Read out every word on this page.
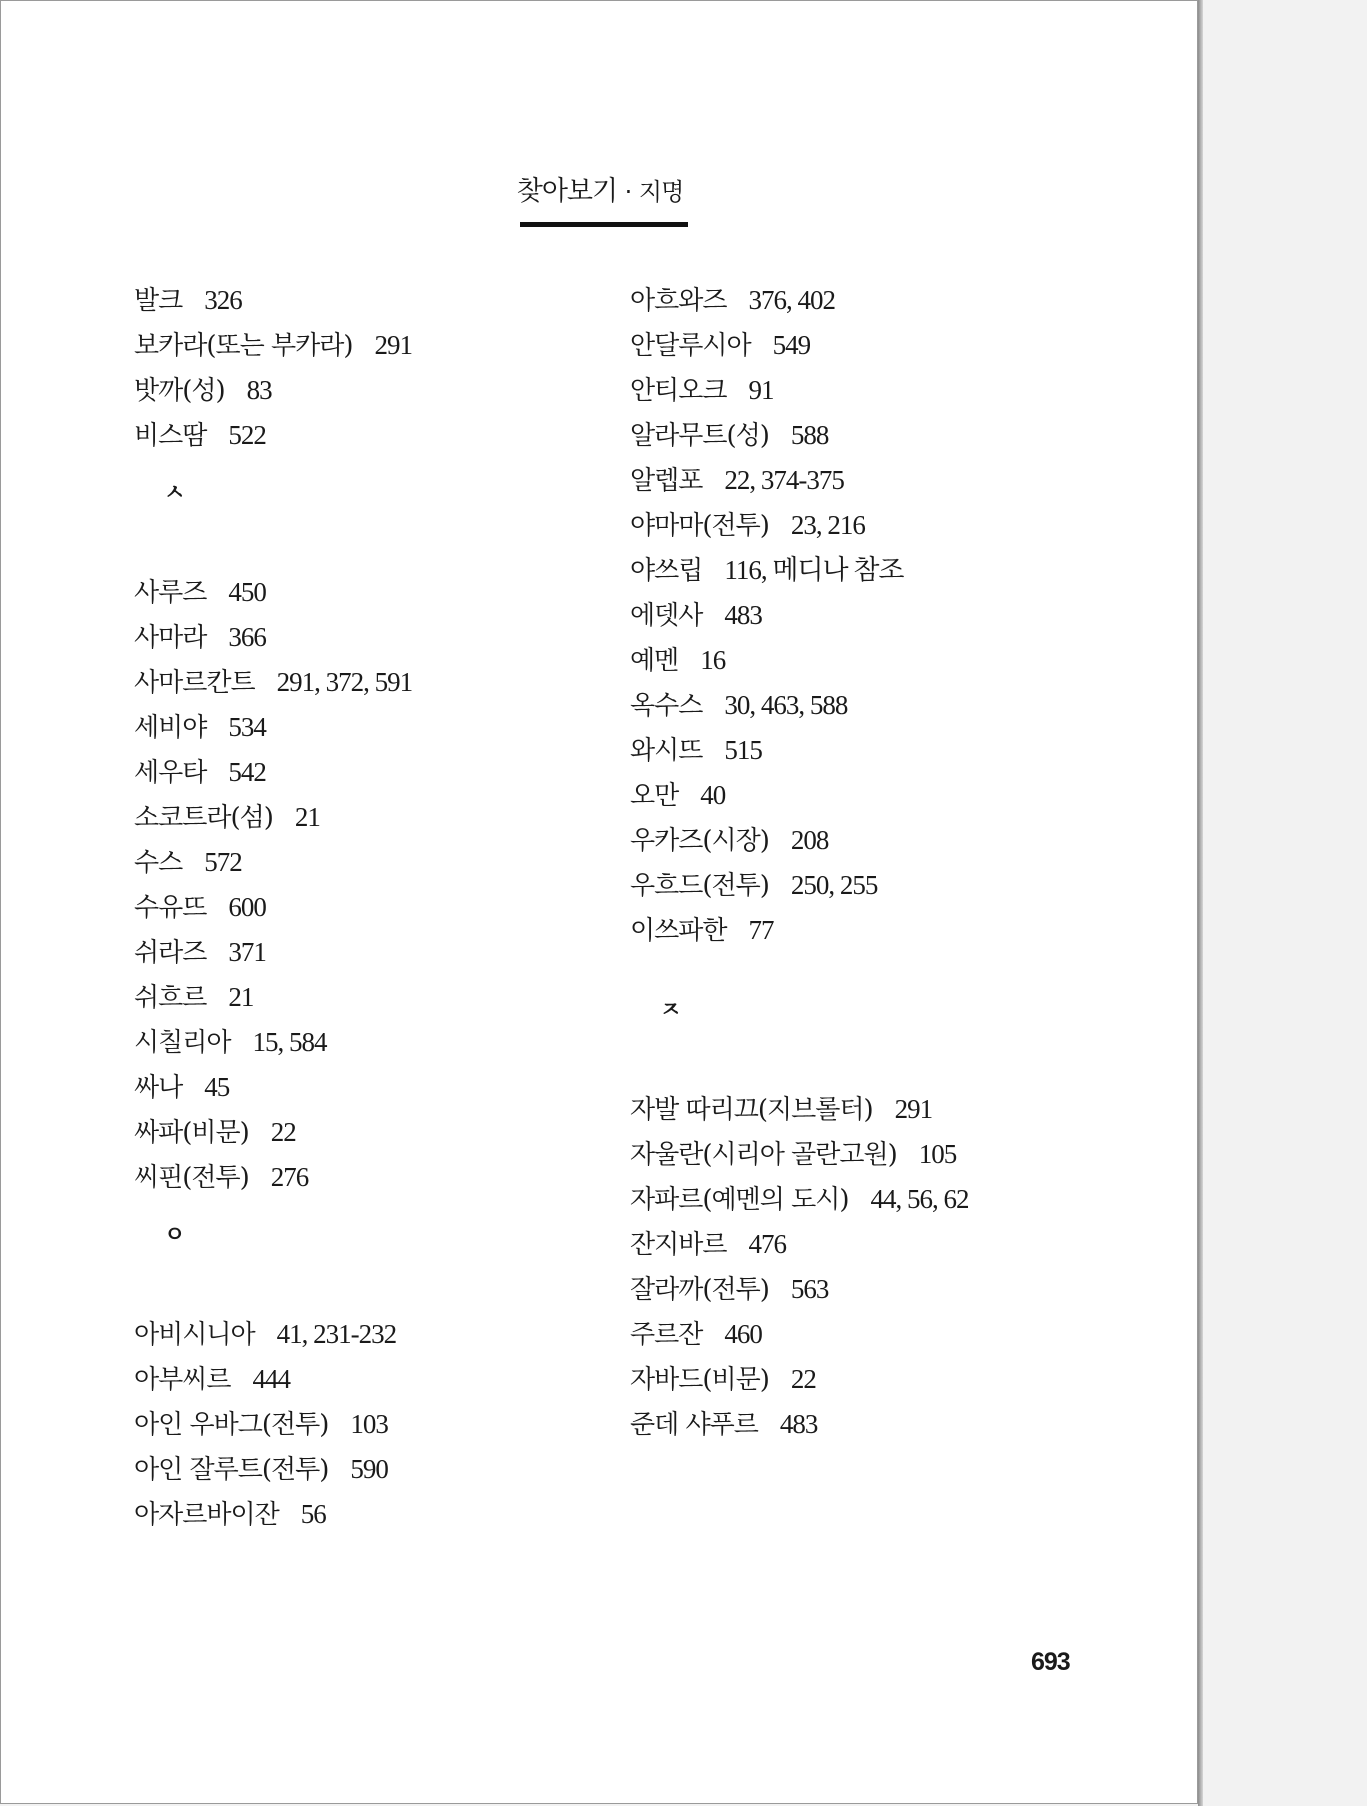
찾아보기 · 지명
발크 326
보카라(또는 부카라) 291
밧까(성) 83
비스땀 522
ㅅ
사루즈 450
사마라 366
사마르칸트 291, 372, 591
세비야 534
세우타 542
소코트라(섬) 21
수스 572
수유뜨 600
쉬라즈 371
쉬흐르 21
시칠리아 15, 584
싸나 45
싸파(비문) 22
씨핀(전투) 276
ㅇ
아비시니아 41, 231-232
아부씨르 444
아인 우바그(전투) 103
아인 잘루트(전투) 590
아자르바이잔 56
아흐와즈 376, 402
안달루시아 549
안티오크 91
알라무트(성) 588
알렙포 22, 374-375
야마마(전투) 23, 216
야쓰립 116, 메디나 참조
에뎃사 483
예멘 16
옥수스 30, 463, 588
와시뜨 515
오만 40
우카즈(시장) 208
우흐드(전투) 250, 255
이쓰파한 77
ㅈ
자발 따리끄(지브롤터) 291
자울란(시리아 골란고원) 105
자파르(예멘의 도시) 44, 56, 62
잔지바르 476
잘라까(전투) 563
주르잔 460
자바드(비문) 22
준데 샤푸르 483
693
